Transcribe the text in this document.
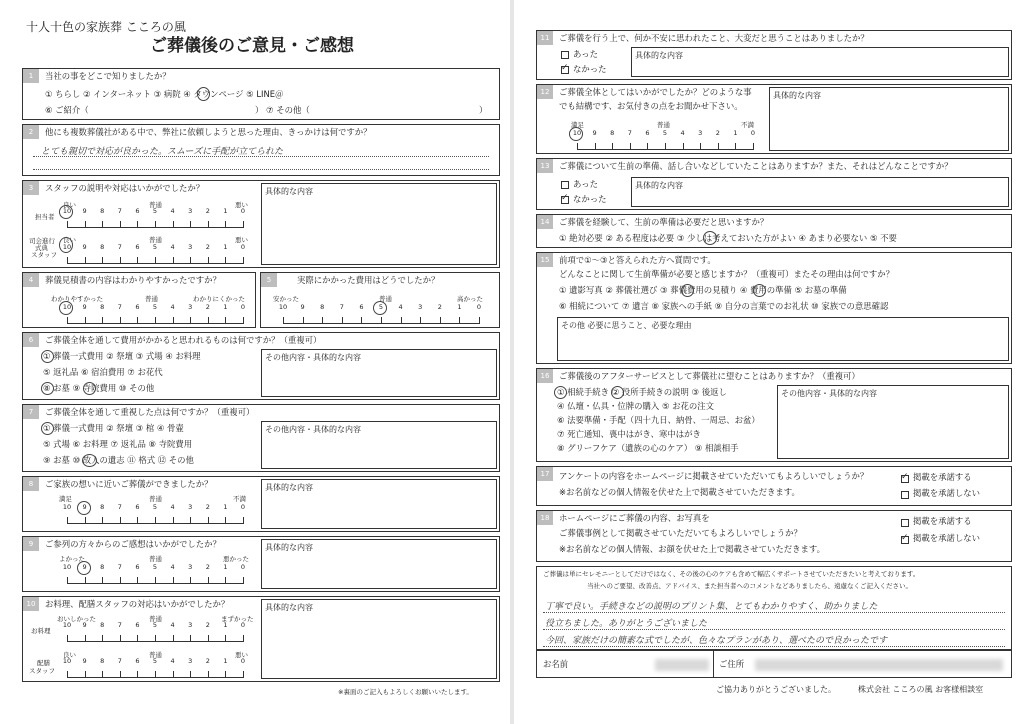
十人十色の家族葬 こころの風
ご葬儀後のご意見・ご感想
1	当社の事をどこで知りましたか？
① ちらし ② インターネット ③ 病院 ④ タウンページ ⑤ LINE＠
⑥ ご紹介（	） ⑦ その他（	）
2	他にも複数葬儀社がある中で、弊社に依頼しようと思った理由、きっかけは何ですか？
とても親切で対応が良かった。スムーズに手配が立てられた
3	スタッフの説明や対応はいかがでしたか？	具体的な内容
担当者
良い	普通	悪い
10	9	8	7	6	5	4	3	2	1	0
司会進行
式典
スタッフ
良い	普通	悪い
10	9	8	7	6	5	4	3	2	1	0
4	葬儀見積書の内容はわかりやすかったですか？
わかりやすかった	普通	わかりにくかった
10	9	8	7	6	5	4	3	2	1	0
5	実際にかかった費用はどうでしたか？
安かった	普通	高かった
10	9	8	7	6	5	4	3	2	1	0
6	ご葬儀全体を通して費用がかかると思われるものは何ですか？（重複可）
① 葬儀一式費用 ② 祭壇 ③ 式場 ④ お料理
⑤ 返礼品 ⑥ 宿泊費用 ⑦ お花代
⑧ お墓 ⑨ 寺院費用 ⑩ その他
その他内容・具体的な内容
7	ご葬儀全体を通して重視した点は何ですか？（重複可）
① 葬儀一式費用 ② 祭壇 ③ 棺 ④ 骨壷
⑤ 式場 ⑥ お料理 ⑦ 返礼品 ⑧ 寺院費用
⑨ お墓 ⑩ 故人の遺志 ⑪ 格式 ⑫ その他
その他内容・具体的な内容
8	ご家族の想いに近いご葬儀ができましたか？	具体的な内容
満足	普通	不満
10	9	8	7	6	5	4	3	2	1	0
9	ご参列の方々からのご感想はいかがでしたか？	具体的な内容
よかった	普通	悪かった
10	9	8	7	6	5	4	3	2	1	0
10	お料理、配膳スタッフの対応はいかがでしたか？	具体的な内容
お料理
おいしかった	普通	まずかった
10	9	8	7	6	5	4	3	2	1	0
配膳
スタッフ
良い	普通	悪い
10	9	8	7	6	5	4	3	2	1	0
※裏面のご記入もよろしくお願いいたします。
11	ご葬儀を行う上で、何か不安に思われたこと、大変だと思うことはありましたか？
あった
✓ なかった
具体的な内容
12	ご葬儀全体としてはいかがでしたか？どのような事
でも結構です、お気付きの点をお聞かせ下さい。
具体的な内容
満足	普通	不満
10	9	8	7	6	5	4	3	2	1	0
13	ご葬儀について生前の準備、話し合いなどしていたことはありますか？また、それはどんなことですか？
あった
✓ なかった
具体的な内容
14	ご葬儀を経験して、生前の準備は必要だと思いますか？
① 絶対必要 ② ある程度は必要 ③ 少しは考えておいた方がよい ④ あまり必要ない ⑤ 不要
15	前項で①～③と答えられた方へ質問です。
どんなことに関して生前準備が必要と感じますか？（重複可）またその理由は何ですか？
① 遺影写真 ② 葬儀社選び ③ 葬儀費用の見積り ④ 費用の準備 ⑤ お墓の準備
⑥ 相続について ⑦ 遺言 ⑧ 家族への手紙 ⑨ 自分の言葉でのお礼状 ⑩ 家族での意思確認
その他 必要に思うこと、必要な理由
16	ご葬儀後のアフターサービスとして葬儀社に望むことはありますか？（重複可）
① 相続手続き ② 役所手続きの説明 ③ 後返し
④ 仏壇・仏具・位牌の購入 ⑤ お花の注文
⑥ 法要準備・手配（四十九日、納骨、一周忌、お盆）
⑦ 死亡通知、喪中はがき、寒中はがき
⑧ グリーフケア（遺族の心のケア） ⑨ 相談相手
その他内容・具体的な内容
17	アンケートの内容をホームページに掲載させていただいてもよろしいでしょうか？
※お名前などの個人情報を伏せた上で掲載させていただきます。
✓ 掲載を承諾する
掲載を承諾しない
18	ホームページにご葬儀の内容、お写真を
ご葬儀事例として掲載させていただいてもよろしいでしょうか？
※お名前などの個人情報、お顔を伏せた上で掲載させていただきます。
掲載を承諾する
✓ 掲載を承諾しない
ご葬儀は単にセレモニーとしてだけではなく、その後の心のケアも含めて幅広くサポートさせていただきたいと考えております。
当社へのご要望、改善点、アドバイス、また担当者へのコメントなどありましたら、遠慮なくご記入ください。
丁寧で良い。手続きなどの説明のプリント集、とてもわかりやすく、助かりました
役立ちました。ありがとうございました
今回、家族だけの簡素な式でしたが、色々なプランがあり、選べたので良かったです
お名前	ご住所
ご協力ありがとうございました。	株式会社 こころの風 お客様相談室
